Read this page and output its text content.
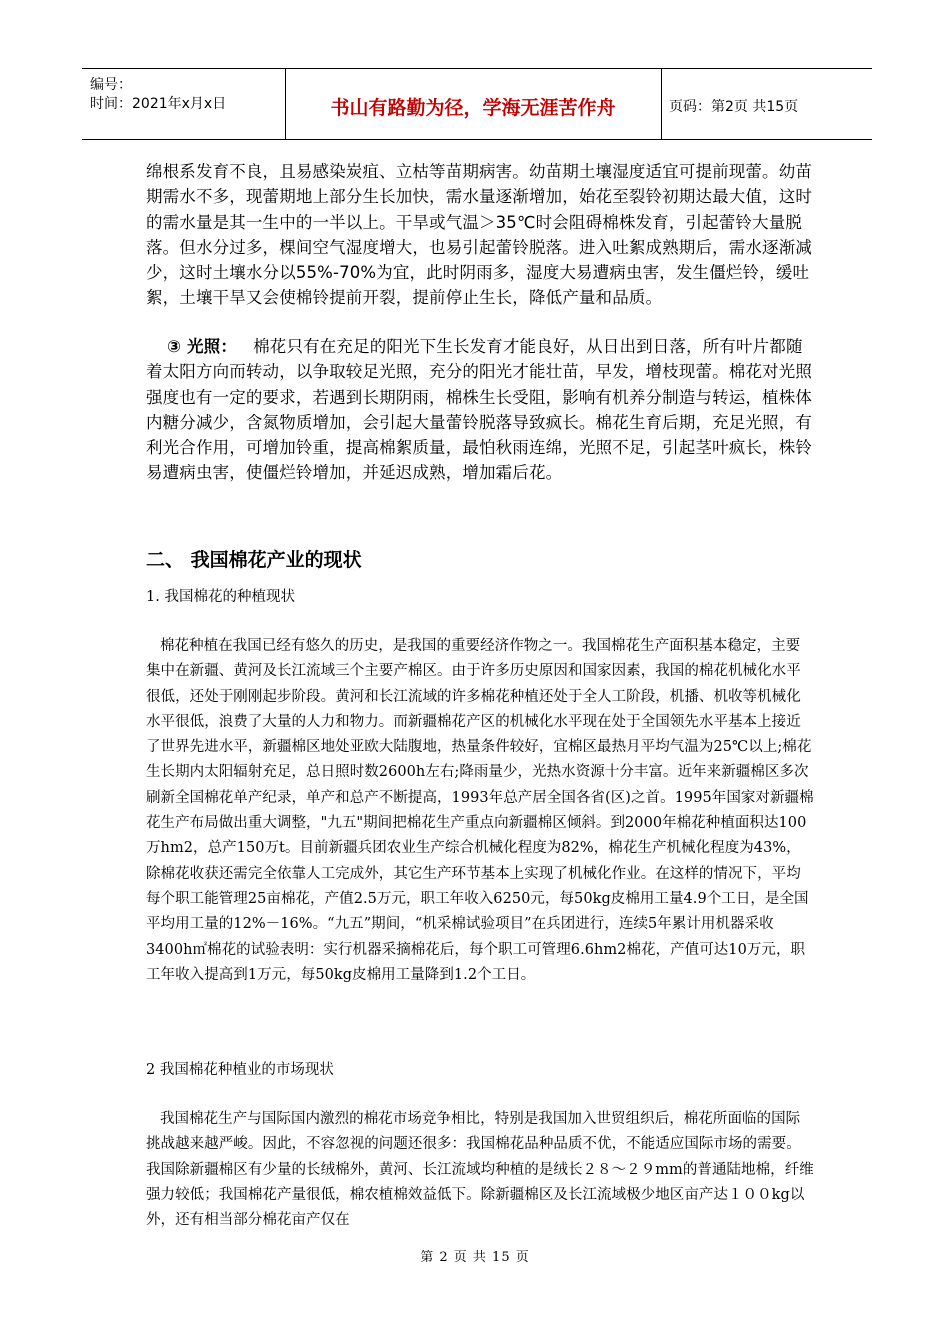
编号：
时间：2021年x月x日	书山有路勤为径，学海无涯苦作舟	页码：第2页 共15页

绵根系发育不良，且易感染炭疽、立枯等苗期病害。幼苗期土壤湿度适宜可提前现蕾。幼苗期需水不多，现蕾期地上部分生长加快，需水量逐渐增加，始花至裂铃初期达最大值，这时的需水量是其一生中的一半以上。干旱或气温＞35℃时会阻碍棉株发育，引起蕾铃大量脱落。但水分过多，棵间空气湿度增大，也易引起蕾铃脱落。进入吐絮成熟期后，需水逐渐减少，这时土壤水分以55%-70%为宜，此时阴雨多，湿度大易遭病虫害，发生僵烂铃，缓吐絮，土壤干旱又会使棉铃提前开裂，提前停止生长，降低产量和品质。

③ 光照： 棉花只有在充足的阳光下生长发育才能良好，从日出到日落，所有叶片都随着太阳方向而转动，以争取较足光照，充分的阳光才能壮苗，早发，增枝现蕾。棉花对光照强度也有一定的要求，若遇到长期阴雨，棉株生长受阻，影响有机养分制造与转运，植株体内糖分减少，含氮物质增加，会引起大量蕾铃脱落导致疯长。棉花生育后期，充足光照，有利光合作用，可增加铃重，提高棉絮质量，最怕秋雨连绵，光照不足，引起茎叶疯长，株铃易遭病虫害，使僵烂铃增加，并延迟成熟，增加霜后花。

二、 我国棉花产业的现状
1. 我国棉花的种植现状

棉花种植在我国已经有悠久的历史，是我国的重要经济作物之一。我国棉花生产面积基本稳定，主要集中在新疆、黄河及长江流域三个主要产棉区。由于许多历史原因和国家因素，我国的棉花机械化水平很低，还处于刚刚起步阶段。黄河和长江流域的许多棉花种植还处于全人工阶段，机播、机收等机械化水平很低，浪费了大量的人力和物力。而新疆棉花产区的机械化水平现在处于全国领先水平基本上接近了世界先进水平，新疆棉区地处亚欧大陆腹地，热量条件较好，宜棉区最热月平均气温为25℃以上;棉花生长期内太阳辐射充足，总日照时数2600h左右;降雨量少，光热水资源十分丰富。近年来新疆棉区多次刷新全国棉花单产纪录，单产和总产不断提高，1993年总产居全国各省(区)之首。1995年国家对新疆棉花生产布局做出重大调整，"九五"期间把棉花生产重点向新疆棉区倾斜。到2000年棉花种植面积达100万hm2，总产150万t。目前新疆兵团农业生产综合机械化程度为82%，棉花生产机械化程度为43%，除棉花收获还需完全依靠人工完成外，其它生产环节基本上实现了机械化作业。在这样的情况下，平均每个职工能管理25亩棉花，产值2.5万元，职工年收入6250元，每50kg皮棉用工量4.9个工日，是全国平均用工量的12%－16%。“九五”期间，“机采棉试验项目”在兵团进行，连续5年累计用机器采收3400h㎡棉花的试验表明：实行机器采摘棉花后，每个职工可管理6.6hm2棉花，产值可达10万元，职工年收入提高到1万元，每50kg皮棉用工量降到1.2个工日。

2 我国棉花种植业的市场现状

我国棉花生产与国际国内激烈的棉花市场竞争相比，特别是我国加入世贸组织后，棉花所面临的国际挑战越来越严峻。因此，不容忽视的问题还很多：我国棉花品种品质不优，不能适应国际市场的需要。我国除新疆棉区有少量的长绒棉外，黄河、长江流域均种植的是绒长２８～２９mm的普通陆地棉，纤维强力较低；我国棉花产量很低，棉农植棉效益低下。除新疆棉区及长江流域极少地区亩产达１００kg以外，还有相当部分棉花亩产仅在

第 2 页 共 15 页
